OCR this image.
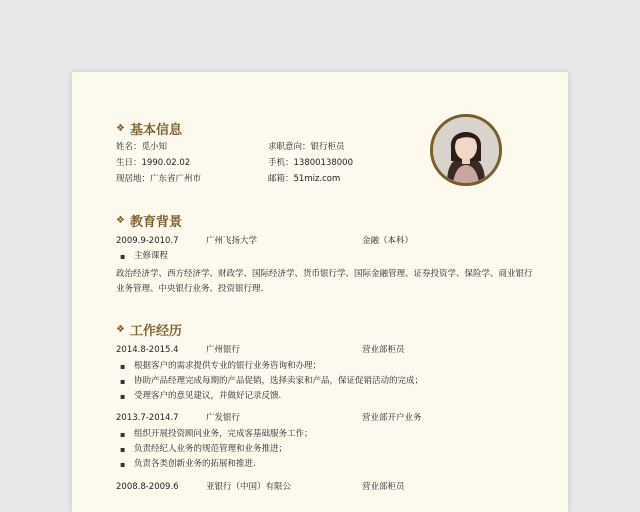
❖ 基本信息
姓名：觅小知	求职意向：银行柜员
生日：1990.02.02	手机：13800138000
现居地：广东省广州市	邮箱：51miz.com
❖ 教育背景
2009.9-2010.7	广州飞扬大学	金融（本科）
▪ 主修课程
政治经济学、西方经济学、财政学、国际经济学、货币银行学、国际金融管理、证券投资学、保险学、商业银行业务管理、中央银行业务、投资银行理.
❖ 工作经历
2014.8-2015.4	广州银行	营业部柜员
▪ 根据客户的需求提供专业的银行业务咨询和办理；
▪ 协助产品经理完成每期的产品促销，选择卖家和产品，保证促销活动的完成；
▪ 受理客户的意见建议，并做好记录反馈.
2013.7-2014.7	广发银行	营业部开户业务
▪ 组织开展投资顾问业务，完成客基础服务工作；
▪ 负责经纪人业务的规范管理和业务推进；
▪ 负责各类创新业务的拓展和推进.
2008.8-2009.6	亚银行（中国）有限公	营业部柜员
